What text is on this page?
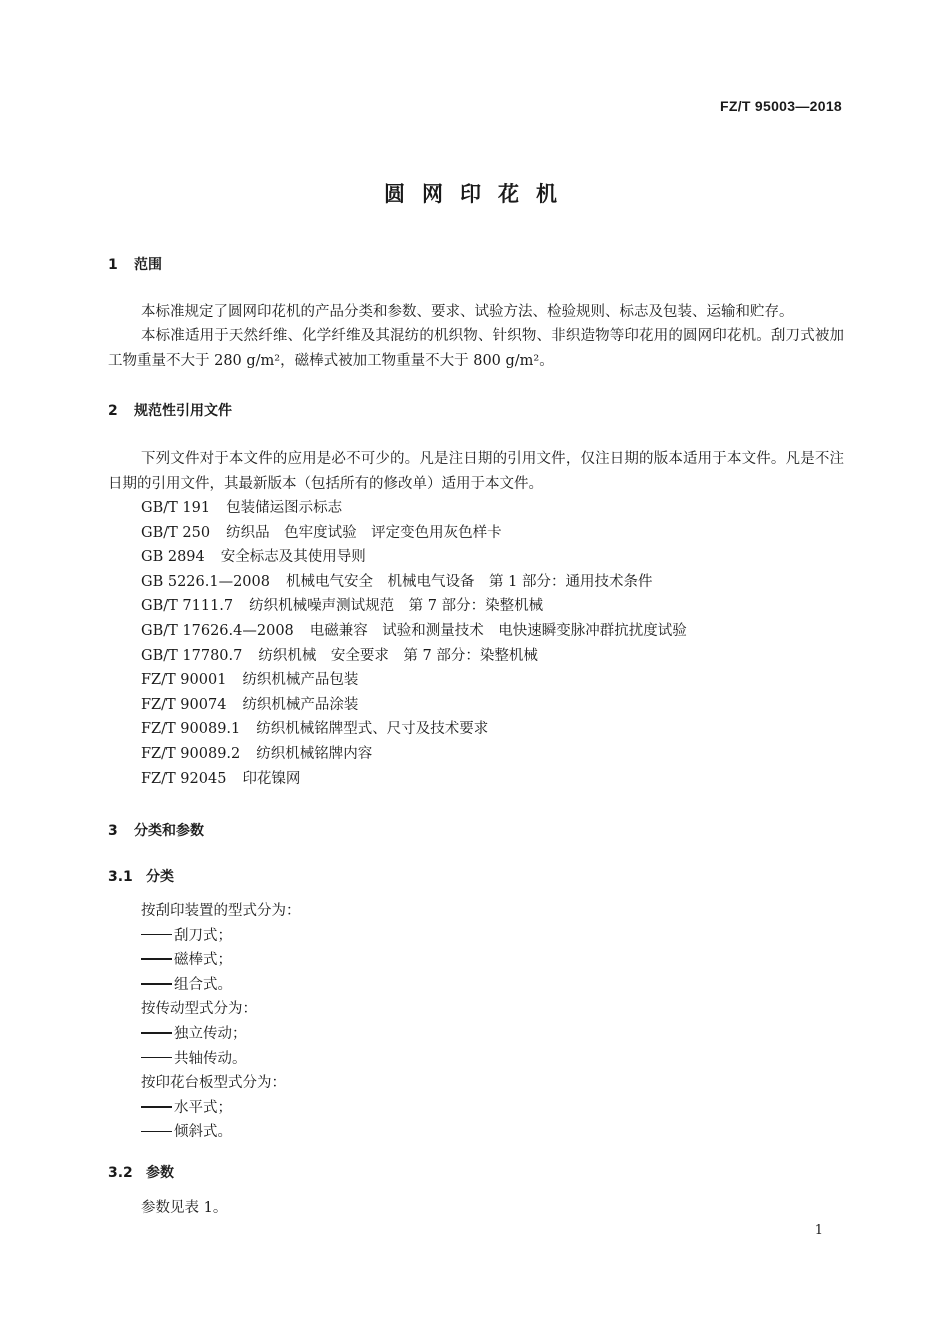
FZ/T 95003—2018
圆网印花机
1 范围

本标准规定了圆网印花机的产品分类和参数、要求、试验方法、检验规则、标志及包装、运输和贮存。

本标准适用于天然纤维、化学纤维及其混纺的机织物、针织物、非织造物等印花用的圆网印花机。刮刀式被加工物重量不大于 280 g/m²，磁棒式被加工物重量不大于 800 g/m²。

2 规范性引用文件

下列文件对于本文件的应用是必不可少的。凡是注日期的引用文件，仅注日期的版本适用于本文件。凡是不注日期的引用文件，其最新版本（包括所有的修改单）适用于本文件。

GB/T 191 包装储运图示标志
GB/T 250 纺织品　色牢度试验　评定变色用灰色样卡
GB 2894 安全标志及其使用导则
GB 5226.1—2008 机械电气安全　机械电气设备　第 1 部分：通用技术条件
GB/T 7111.7 纺织机械噪声测试规范　第 7 部分：染整机械
GB/T 17626.4—2008 电磁兼容　试验和测量技术　电快速瞬变脉冲群抗扰度试验
GB/T 17780.7 纺织机械　安全要求　第 7 部分：染整机械
FZ/T 90001 纺织机械产品包装
FZ/T 90074 纺织机械产品涂装
FZ/T 90089.1 纺织机械铭牌型式、尺寸及技术要求
FZ/T 90089.2 纺织机械铭牌内容
FZ/T 92045 印花镍网
3 分类和参数
3.1 分类
按刮印装置的型式分为：
刮刀式；
磁棒式；
组合式。
按传动型式分为：
独立传动；
共轴传动。
按印花台板型式分为：
水平式；
倾斜式。
3.2 参数
参数见表 1。
1
